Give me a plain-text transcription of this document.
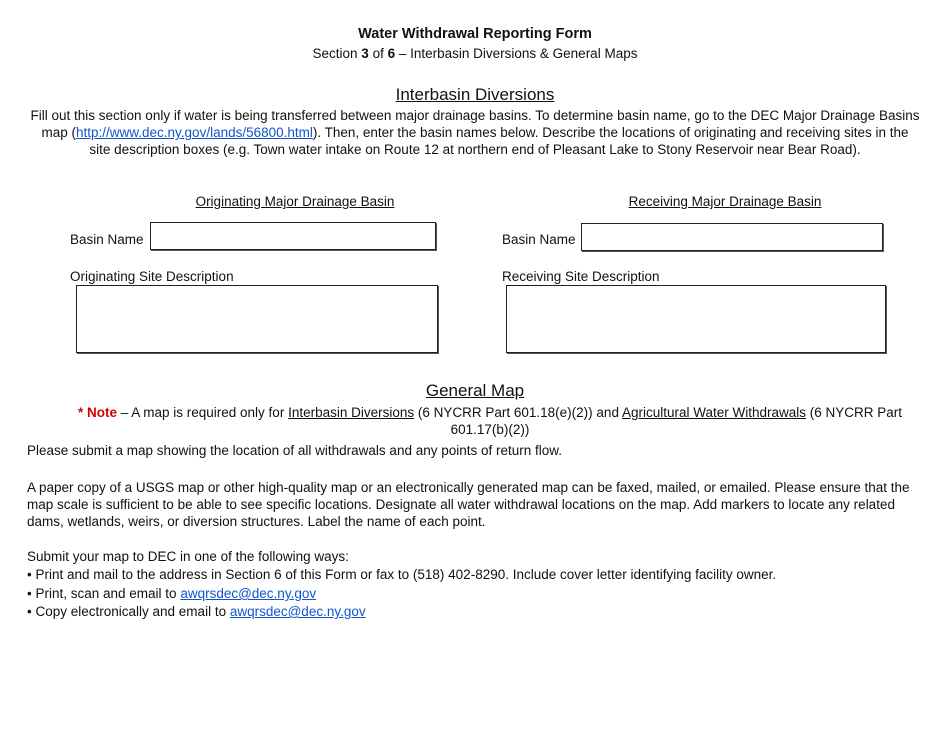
Water Withdrawal Reporting Form
Section 3 of 6 – Interbasin Diversions & General Maps
Interbasin Diversions
Fill out this section only if water is being transferred between major drainage basins. To determine basin name, go to the DEC Major Drainage Basins map (http://www.dec.ny.gov/lands/56800.html). Then, enter the basin names below. Describe the locations of originating and receiving sites in the site description boxes (e.g. Town water intake on Route 12 at northern end of Pleasant Lake to Stony Reservoir near Bear Road).
Originating Major Drainage Basin
Basin Name
Originating Site Description
Receiving Major Drainage Basin
Basin Name
Receiving Site Description
General Map
* Note – A map is required only for Interbasin Diversions (6 NYCRR Part 601.18(e)(2)) and Agricultural Water Withdrawals (6 NYCRR Part
601.17(b)(2))
Please submit a map showing the location of all withdrawals and any points of return flow.
A paper copy of a USGS map or other high-quality map or an electronically generated map can be faxed, mailed, or emailed. Please ensure that the map scale is sufficient to be able to see specific locations. Designate all water withdrawal locations on the map. Add markers to locate any related dams, wetlands, weirs, or diversion structures. Label the name of each point.
Submit your map to DEC in one of the following ways:
• Print and mail to the address in Section 6 of this Form or fax to (518) 402-8290. Include cover letter identifying facility owner.
• Print, scan and email to awqrsdec@dec.ny.gov
• Copy electronically and email to awqrsdec@dec.ny.gov
